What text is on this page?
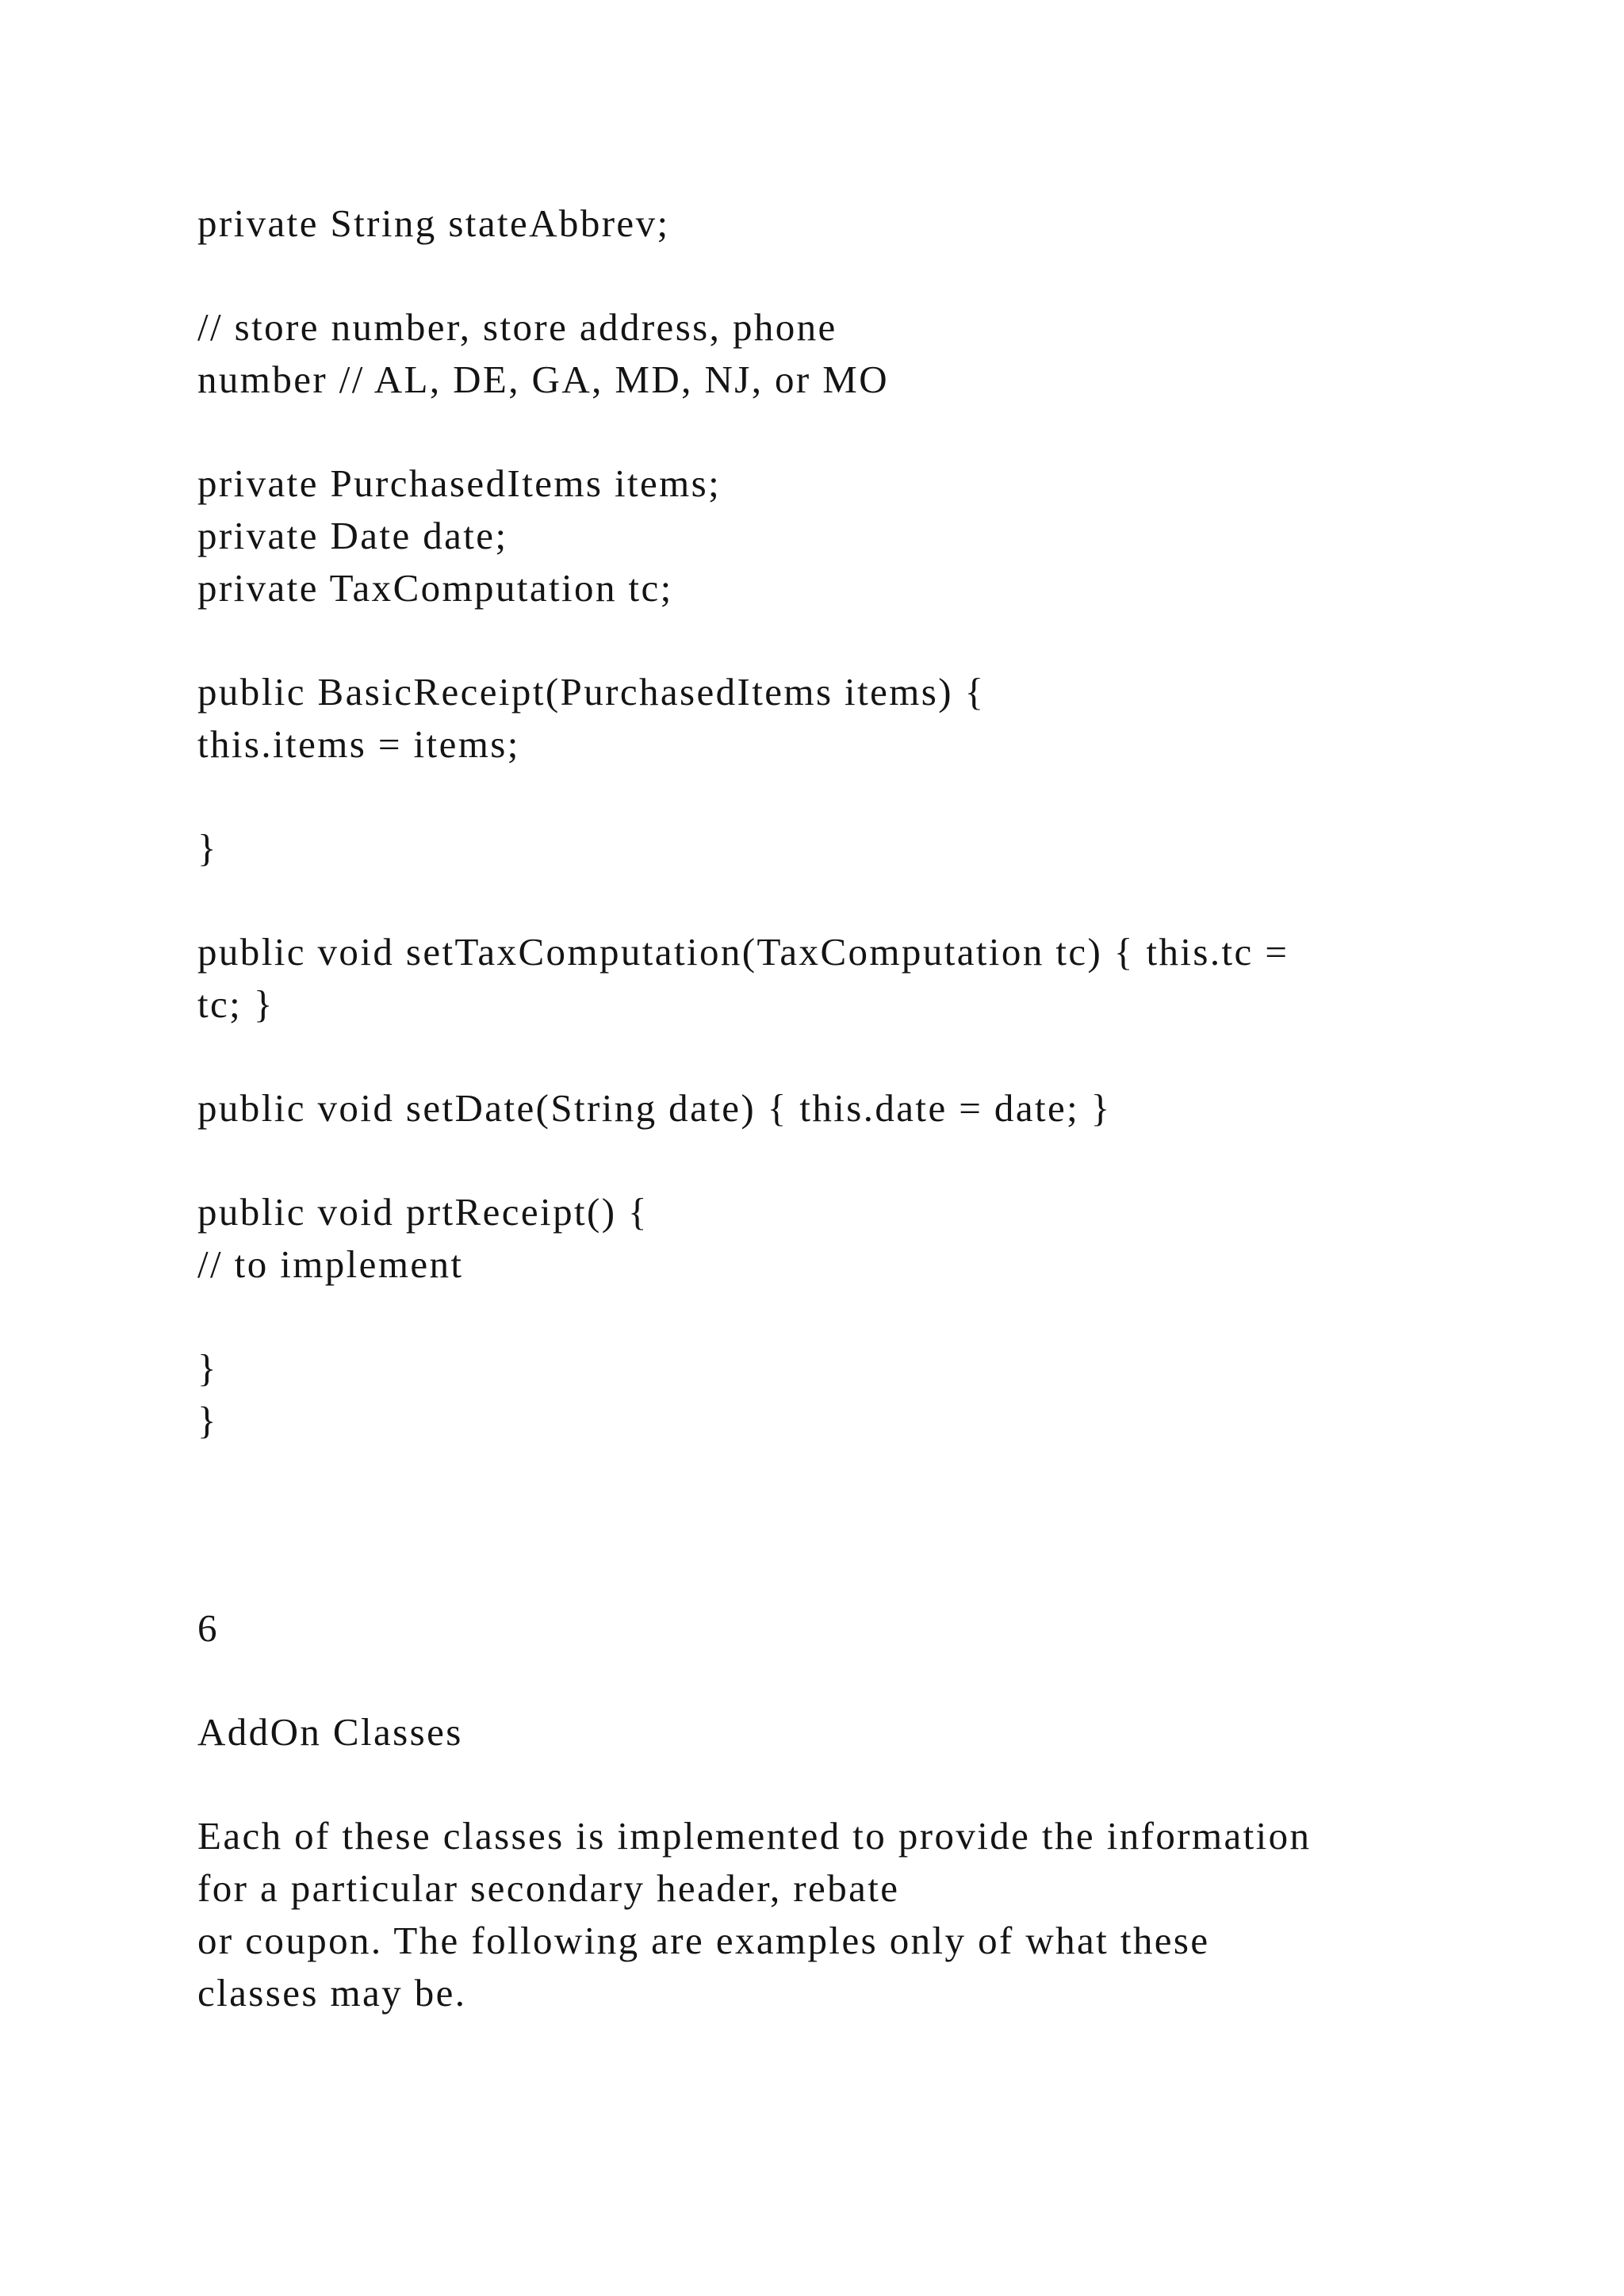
private String stateAbbrev;

// store number, store address, phone

number // AL, DE, GA, MD, NJ, or MO

private PurchasedItems items;

private Date date;

private TaxComputation tc;

public BasicReceipt(PurchasedItems items) {

this.items = items;

}

public void setTaxComputation(TaxComputation tc) { this.tc =

tc; }

public void setDate(String date) { this.date = date; }

public void prtReceipt() {

// to implement

}

}

6

AddOn Classes

Each of these classes is implemented to provide the information

for a particular secondary header, rebate

or coupon. The following are examples only of what these

classes may be.
